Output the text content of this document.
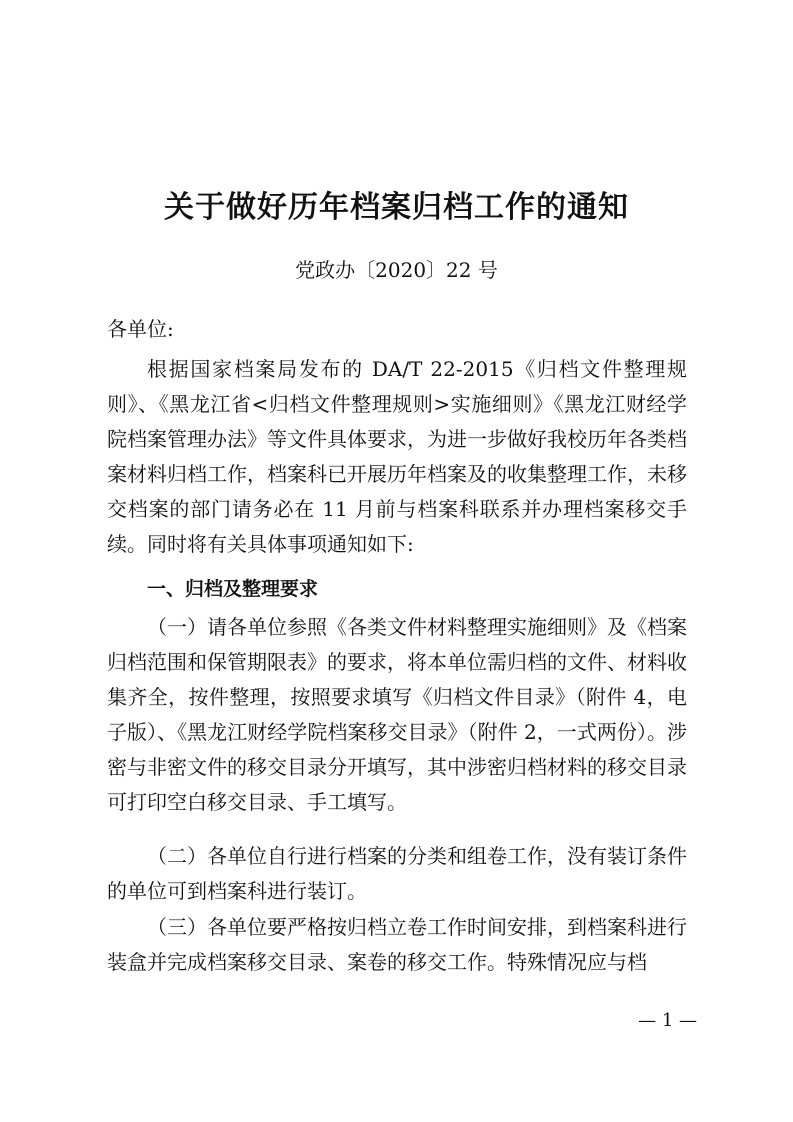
关于做好历年档案归档工作的通知
党政办〔2020〕22 号
各单位:

根据国家档案局发布的 DA/T 22-2015《归档文件整理规则》、《黑龙江省<归档文件整理规则>实施细则》《黑龙江财经学院档案管理办法》等文件具体要求，为进一步做好我校历年各类档案材料归档工作，档案科已开展历年档案及的收集整理工作，未移交档案的部门请务必在 11 月前与档案科联系并办理档案移交手续。同时将有关具体事项通知如下:

一、归档及整理要求

（一）请各单位参照《各类文件材料整理实施细则》及《档案归档范围和保管期限表》的要求，将本单位需归档的文件、材料收集齐全，按件整理，按照要求填写《归档文件目录》（附件 4，电子版）、《黑龙江财经学院档案移交目录》（附件 2，一式两份）。涉密与非密文件的移交目录分开填写，其中涉密归档材料的移交目录可打印空白移交目录、手工填写。

（二）各单位自行进行档案的分类和组卷工作，没有装订条件的单位可到档案科进行装订。

（三）各单位要严格按归档立卷工作时间安排，到档案科进行装盒并完成档案移交目录、案卷的移交工作。特殊情况应与档

— 1 —
